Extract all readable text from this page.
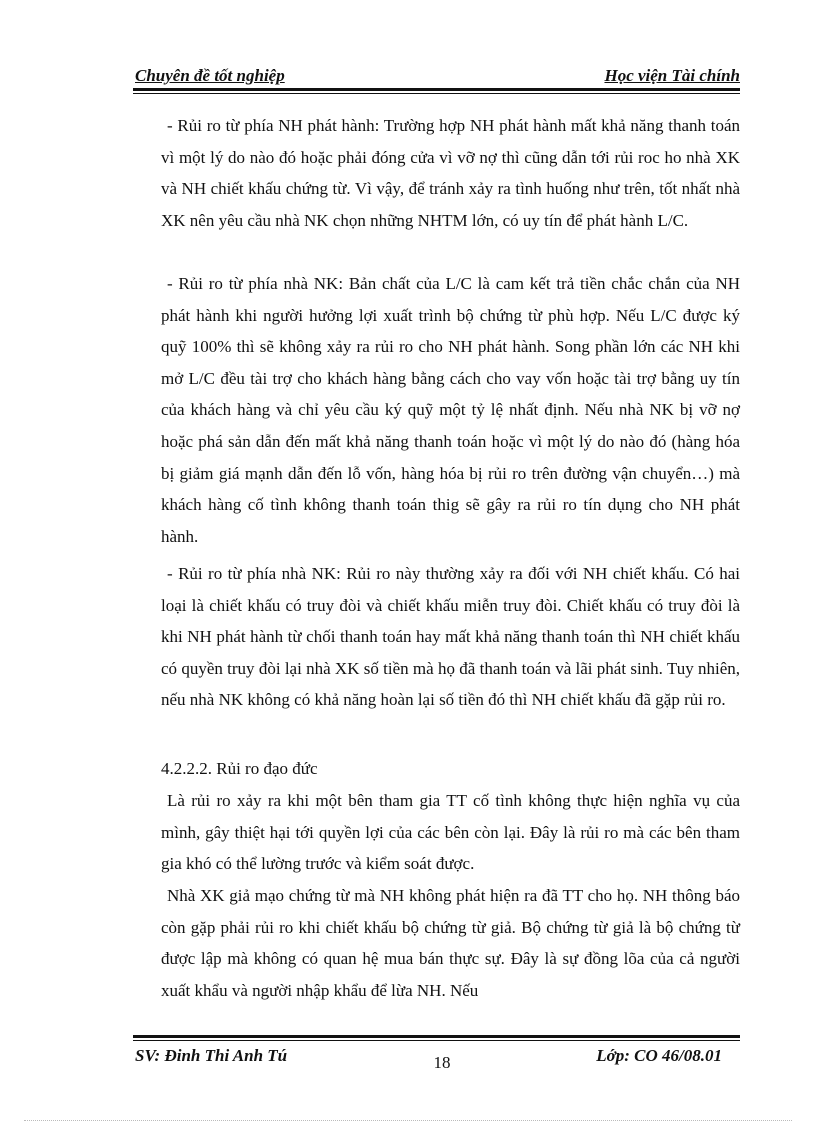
Chuyên đề tốt nghiệp	Học viện Tài chính

- Rủi ro từ phía NH phát hành: Trường hợp NH phát hành mất khả năng thanh toán vì một lý do nào đó hoặc phải đóng cửa vì vỡ nợ thì cũng dẫn tới rủi roc ho nhà XK và NH chiết khấu chứng từ. Vì vậy, để tránh xảy ra tình huống như trên, tốt nhất nhà XK nên yêu cầu nhà NK chọn những NHTM lớn, có uy tín để phát hành L/C.

- Rủi ro từ phía nhà NK: Bản chất của L/C là cam kết trả tiền chắc chắn của NH phát hành khi người hưởng lợi xuất trình bộ chứng từ phù hợp. Nếu L/C được ký quỹ 100% thì sẽ không xảy ra rủi ro cho NH phát hành. Song phần lớn các NH khi mở L/C đều tài trợ cho khách hàng bằng cách cho vay vốn hoặc tài trợ bằng uy tín của khách hàng và chỉ yêu cầu ký quỹ một tỷ lệ nhất định. Nếu nhà NK bị vỡ nợ hoặc phá sản dẫn đến mất khả năng thanh toán hoặc vì một lý do nào đó (hàng hóa bị giảm giá mạnh dẫn đến lỗ vốn, hàng hóa bị rủi ro trên đường vận chuyển…) mà khách hàng cố tình không thanh toán thig sẽ gây ra rủi ro tín dụng cho NH phát hành.

- Rủi ro từ phía nhà NK: Rủi ro này thường xảy ra đối với NH chiết khấu. Có hai loại là chiết khấu có truy đòi và chiết khấu miễn truy đòi. Chiết khấu có truy đòi là khi NH phát hành từ chối thanh toán hay mất khả năng thanh toán thì NH chiết khấu có quyền truy đòi lại nhà XK số tiền mà họ đã thanh toán và lãi phát sinh. Tuy nhiên, nếu nhà NK không có khả năng hoàn lại số tiền đó thì NH chiết khấu đã gặp rủi ro.

4.2.2.2. Rủi ro đạo đức

Là rủi ro xảy ra khi một bên tham gia TT cố tình không thực hiện nghĩa vụ của mình, gây thiệt hại tới quyền lợi của các bên còn lại. Đây là rủi ro mà các bên tham gia khó có thể lường trước và kiểm soát được.

Nhà XK giả mạo chứng từ mà NH không phát hiện ra đã TT cho họ. NH thông báo còn gặp phải rủi ro khi chiết khấu bộ chứng từ giả. Bộ chứng từ giả là bộ chứng từ được lập mà không có quan hệ mua bán thực sự. Đây là sự đồng lõa của cả người xuất khẩu và người nhập khẩu để lừa NH. Nếu

SV: Đinh Thi Anh Tú	18	Lớp: CO 46/08.01
